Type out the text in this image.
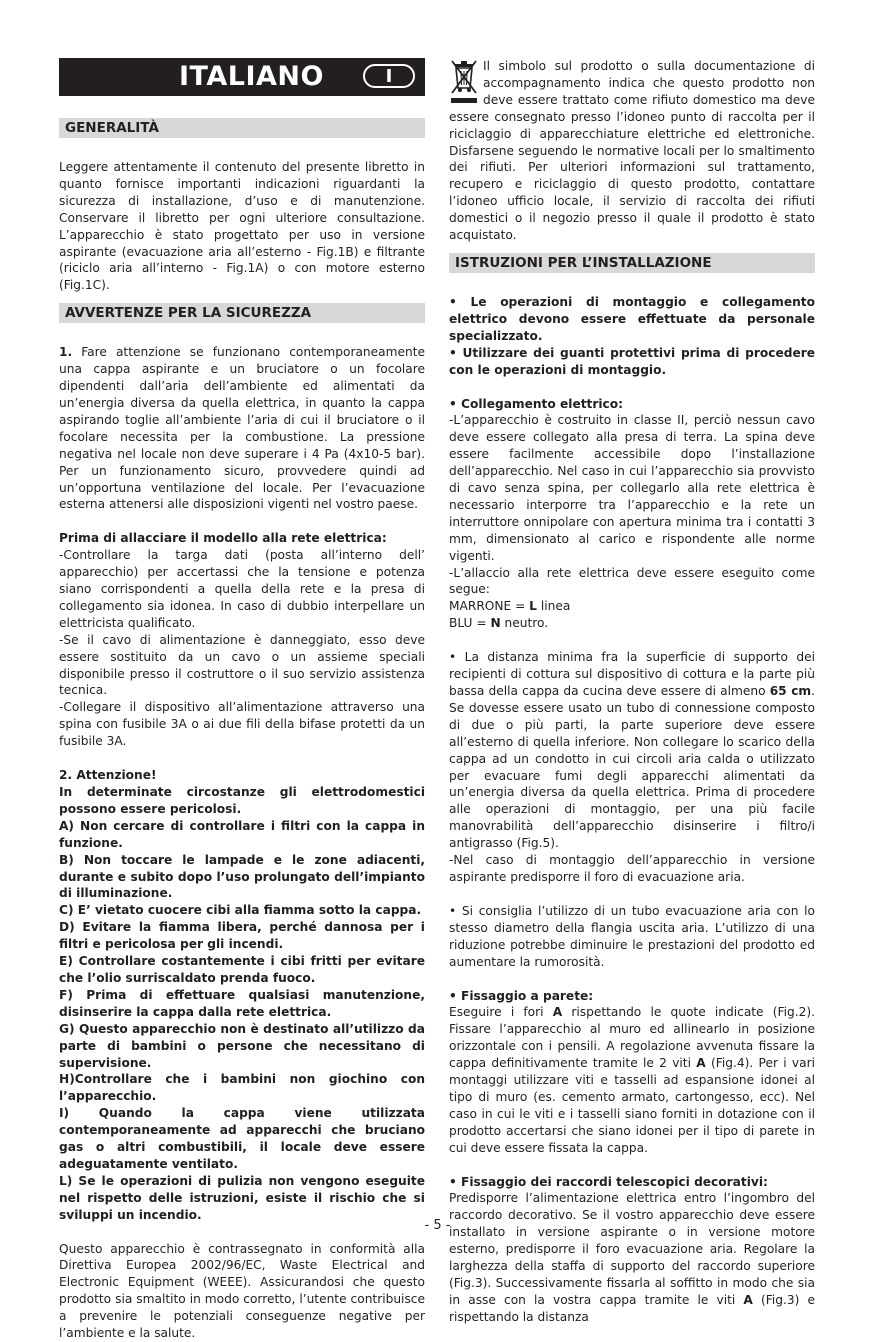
ITALIANO	I
GENERALITÀ

Leggere attentamente il contenuto del presente libretto in quanto fornisce importanti indicazioni riguardanti la sicurezza di installazione, d’uso e di manutenzione. Conservare il libretto per ogni ulteriore consultazione. L’apparecchio è stato progettato per uso in versione aspirante (evacuazione aria all’esterno - Fig.1B) e filtrante (riciclo aria all’interno - Fig.1A) o con motore esterno (Fig.1C).

AVVERTENZE PER LA SICUREZZA

1. Fare attenzione se funzionano contemporaneamente una cappa aspirante e un bruciatore o un focolare dipendenti dall’aria dell’ambiente ed alimentati da un’energia diversa da quella elettrica, in quanto la cappa aspirando toglie all’ambiente l’aria di cui il bruciatore o il focolare necessita per la combustione. La pressione negativa nel locale non deve superare i 4 Pa (4x10-5 bar). Per un funzionamento sicuro, provvedere quindi ad un’opportuna ventilazione del locale. Per l’evacuazione esterna attenersi alle disposizioni vigenti nel vostro paese.

Prima di allacciare il modello alla rete elettrica:

-Controllare la targa dati (posta all’interno dell’ apparecchio) per accertassi che la tensione e potenza siano corrispondenti a quella della rete e la presa di collegamento sia idonea. In caso di dubbio interpellare un elettricista qualificato.

-Se il cavo di alimentazione è danneggiato, esso deve essere sostituito da un cavo o un assieme speciali disponibile presso il costruttore o il suo servizio assistenza tecnica.

-Collegare il dispositivo all’alimentazione attraverso una spina con fusibile 3A o ai due fili della bifase protetti da un fusibile 3A.

2. Attenzione!

In determinate circostanze gli elettrodomestici possono essere pericolosi.

A) Non cercare di controllare i filtri con la cappa in funzione.

B) Non toccare le lampade e le zone adiacenti, durante e subito dopo l’uso prolungato dell’impianto di illuminazione.

C) E’ vietato cuocere cibi alla fiamma sotto la cappa.

D) Evitare la fiamma libera, perché dannosa per i filtri e pericolosa per gli incendi.

E) Controllare costantemente i cibi fritti per evitare che l’olio surriscaldato prenda fuoco.

F) Prima di effettuare qualsiasi manutenzione, disinserire la cappa dalla rete elettrica.

G) Questo apparecchio non è destinato all’utilizzo da parte di bambini o persone che necessitano di supervisione.

H)Controllare che i bambini non giochino con l’apparecchio.

I) Quando la cappa viene utilizzata contemporaneamente ad apparecchi che bruciano gas o altri combustibili, il locale deve essere adeguatamente ventilato.

L) Se le operazioni di pulizia non vengono eseguite nel rispetto delle istruzioni, esiste il rischio che si sviluppi un incendio.

Questo apparecchio è contrassegnato in conformità alla Direttiva Europea 2002/96/EC, Waste Electrical and Electronic Equipment (WEEE). Assicurandosi che questo prodotto sia smaltito in modo corretto, l’utente contribuisce a prevenire le potenziali conseguenze negative per l’ambiente e la salute.

Il simbolo sul prodotto o sulla documentazione di accompagnamento indica che questo prodotto non deve essere trattato come rifiuto domestico ma deve essere consegnato presso l’idoneo punto di raccolta per il riciclaggio di apparecchiature elettriche ed elettroniche. Disfarsene seguendo le normative locali per lo smaltimento dei rifiuti. Per ulteriori informazioni sul trattamento, recupero e riciclaggio di questo prodotto, contattare l’idoneo ufficio locale, il servizio di raccolta dei rifiuti domestici o il negozio presso il quale il prodotto è stato acquistato.

ISTRUZIONI PER L’INSTALLAZIONE

• Le operazioni di montaggio e collegamento elettrico devono essere effettuate da personale specializzato.

• Utilizzare dei guanti protettivi prima di procedere con le operazioni di montaggio.

• Collegamento elettrico:

-L’apparecchio è costruito in classe II, perciò nessun cavo deve essere collegato alla presa di terra. La spina deve essere facilmente accessibile dopo l’installazione dell’apparecchio. Nel caso in cui l’apparecchio sia provvisto di cavo senza spina, per collegarlo alla rete elettrica è necessario interporre tra l’apparecchio e la rete un interruttore onnipolare con apertura minima tra i contatti 3 mm, dimensionato al carico e rispondente alle norme vigenti.

-L’allaccio alla rete elettrica deve essere eseguito come segue:

MARRONE = L linea

BLU = N neutro.

• La distanza minima fra la superficie di supporto dei recipienti di cottura sul dispositivo di cottura e la parte più bassa della cappa da cucina deve essere di almeno 65 cm. Se dovesse essere usato un tubo di connessione composto di due o più parti, la parte superiore deve essere all’esterno di quella inferiore. Non collegare lo scarico della cappa ad un condotto in cui circoli aria calda o utilizzato per evacuare fumi degli apparecchi alimentati da un’energia diversa da quella elettrica. Prima di procedere alle operazioni di montaggio, per una più facile manovrabilità dell’apparecchio disinserire i filtro/i antigrasso (Fig.5).

-Nel caso di montaggio dell’apparecchio in versione aspirante predisporre il foro di evacuazione aria.

• Si consiglia l’utilizzo di un tubo evacuazione aria con lo stesso diametro della flangia uscita aria. L’utilizzo di una riduzione potrebbe diminuire le prestazioni del prodotto ed aumentare la rumorosità.

• Fissaggio a parete:

Eseguire i fori A rispettando le quote indicate (Fig.2). Fissare l’apparecchio al muro ed allinearlo in posizione orizzontale con i pensili. A regolazione avvenuta fissare la cappa definitivamente tramite le 2 viti A (Fig.4). Per i vari montaggi utilizzare viti e tasselli ad espansione idonei al tipo di muro (es. cemento armato, cartongesso, ecc). Nel caso in cui le viti e i tasselli siano forniti in dotazione con il prodotto accertarsi che siano idonei per il tipo di parete in cui deve essere fissata la cappa.

• Fissaggio dei raccordi telescopici decorativi:

Predisporre l’alimentazione elettrica entro l’ingombro del raccordo decorativo. Se il vostro apparecchio deve essere installato in versione aspirante o in versione motore esterno, predisporre il foro evacuazione aria. Regolare la larghezza della staffa di supporto del raccordo superiore (Fig.3). Successivamente fissarla al soffitto in modo che sia in asse con la vostra cappa tramite le viti A (Fig.3) e rispettando la distanza

- 5 -
